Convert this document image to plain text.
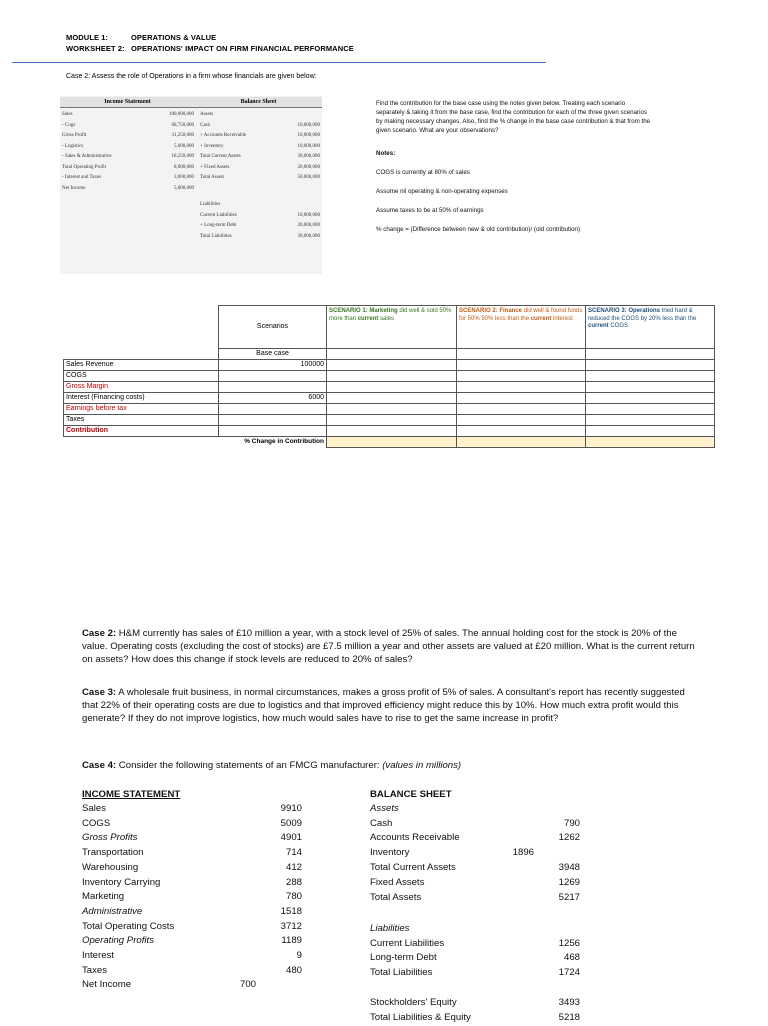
MODULE 1:	OPERATIONS & VALUE
WORKSHEET 2: OPERATIONS' IMPACT ON FIRM FINANCIAL PERFORMANCE
Case 2: Assess the role of Operations in a firm whose financials are given below:
Income Statement	Balance Sheet
Sales	100,000,000
- Cogs	68,750,000
Gross Profit	31,250,000
- Logistics	5,000,000
- Sales & Administrative	18,250,000
Total Operating Profit	8,000,000
- Interest and Taxes	3,000,000
Net Income	5,000,000
Assets
Cash	10,000,000
+ Accounts Receivable	10,000,000
+ Inventory	10,000,000
Total Current Assets	30,000,000
+ Fixed Assets	20,000,000
Total Assets	50,000,000
Liabilities
Current Liabilities	10,000,000
+ Long-term Debt	20,000,000
Total Liabilities	30,000,000
Find the contribution for the base case using the notes given below. Treating each scenario
separately & taking it from the base case, find the contribution for each of the three given scenarios
by making necessary changes. Also, find the % change in the base case contribution & that from the
given scenario. What are your observations?
Notes:
COGS is currently at 80% of sales
Assume nil operating & non-operating expenses
Assume taxes to be at 50% of earnings
% change = (Difference between new & old contribution)/ (old contribution)
	Scenarios	SCENARIO 1: Marketing did well & sold 50% more than current sales	SCENARIO 2: Finance did well & found funds for 50% 50% less than the current interest	SCENARIO 3: Operations tried hard & reduced the COGS by 20% less than the current COGS
	Base case			
Sales Revenue	100000			
COGS				
Gross Margin				
Interest (Financing costs)	6000			
Earnings before tax				
Taxes				
Contribution				
	% Change in Contribution			
Case 2: H&M currently has sales of £10 million a year, with a stock level of 25% of sales. The annual holding cost for the stock is 20% of the value. Operating costs (excluding the cost of stocks) are £7.5 million a year and other assets are valued at £20 million. What is the current return on assets? How does this change if stock levels are reduced to 20% of sales?
Case 3: A wholesale fruit business, in normal circumstances, makes a gross profit of 5% of sales. A consultant's report has recently suggested that 22% of their operating costs are due to logistics and that improved efficiency might reduce this by 10%. How much extra profit would this generate? If they do not improve logistics, how much would sales have to rise to get the same increase in profit?
Case 4: Consider the following statements of an FMCG manufacturer: (values in millions)
INCOME STATEMENT	BALANCE SHEET
Sales	9910
COGS	5009
Gross Profits	4901
Transportation	714
Warehousing	412
Inventory Carrying	288
Marketing	780
Administrative	1518
Total Operating Costs	3712
Operating Profits	1189
Interest	9
Taxes	480
Net Income	700
Assets
Cash	790
Accounts Receivable	1262
Inventory	1896
Total Current Assets	3948
Fixed Assets	1269
Total Assets	5217
Liabilities
Current Liabilities	1256
Long-term Debt	468
Total Liabilities	1724
Stockholders' Equity	3493
Total Liabilities & Equity	5218
